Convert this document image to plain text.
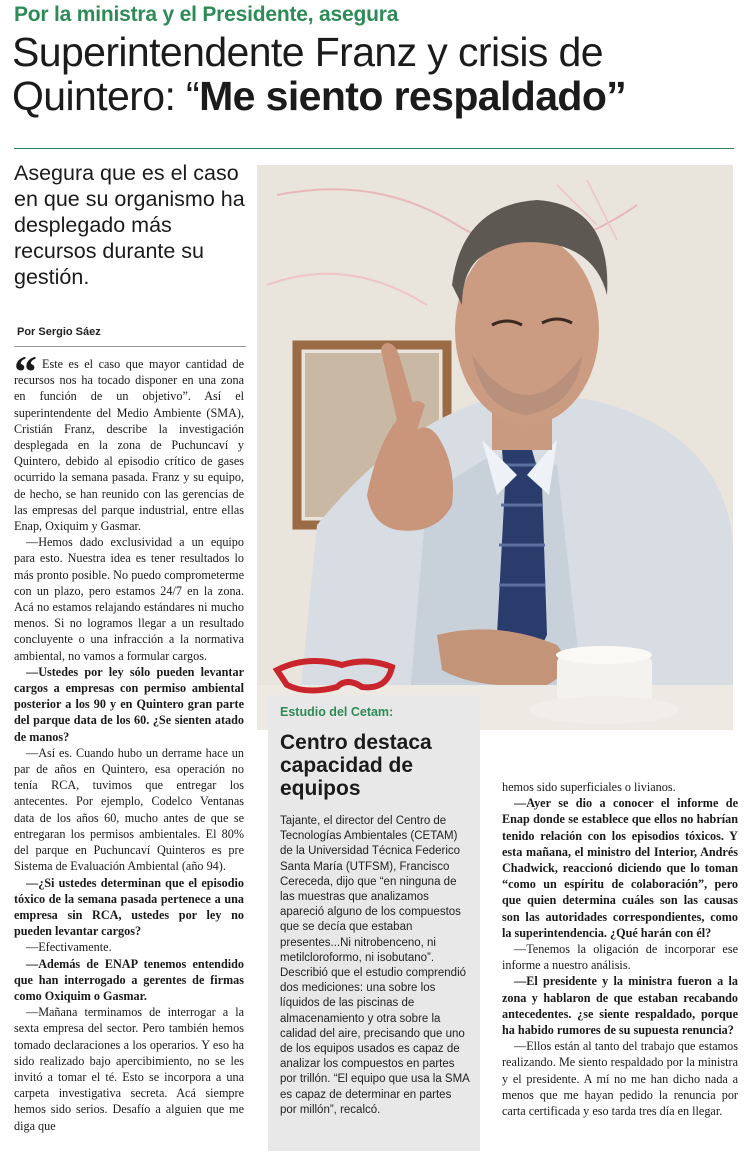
Por la ministra y el Presidente, asegura
Superintendente Franz y crisis de Quintero: “Me siento respaldado”
Asegura que es el caso en que su organismo ha desplegado más recursos durante su gestión.
Por Sergio Sáez
“ Este es el caso que mayor cantidad de recursos nos ha tocado disponer en una zona en función de un objetivo”. Así el superintendente del Medio Ambiente (SMA), Cristián Franz, describe la investigación desplegada en la zona de Puchuncaví y Quintero, debido al episodio crítico de gases ocurrido la semana pasada. Franz y su equipo, de hecho, se han reunido con las gerencias de las empresas del parque industrial, entre ellas Enap, Oxiquim y Gasmar.

—Hemos dado exclusividad a un equipo para esto. Nuestra idea es tener resultados lo más pronto posible. No puedo comprometerme con un plazo, pero estamos 24/7 en la zona. Acá no estamos relajando estándares ni mucho menos. Si no logramos llegar a un resultado concluyente o una infracción a la normativa ambiental, no vamos a formular cargos.

—Ustedes por ley sólo pueden levantar cargos a empresas con permiso ambiental posterior a los 90 y en Quintero gran parte del parque data de los 60. ¿Se sienten atado de manos?

—Así es. Cuando hubo un derrame hace un par de años en Quintero, esa operación no tenía RCA, tuvimos que entregar los antecentes. Por ejemplo, Codelco Ventanas data de los años 60, mucho antes de que se entregaran los permisos ambientales. El 80% del parque en Puchuncaví Quinteros es pre Sistema de Evaluación Ambiental (año 94).

—¿Si ustedes determinan que el episodio tóxico de la semana pasada pertenece a una empresa sin RCA, ustedes por ley no pueden levantar cargos?

—Efectivamente.

—Además de ENAP tenemos entendido que han interrogado a gerentes de firmas como Oxiquim o Gasmar.

—Mañana terminamos de interrogar a la sexta empresa del sector. Pero también hemos tomado declaraciones a los operarios. Y eso ha sido realizado bajo apercibimiento, no se les invitó a tomar el té. Esto se incorpora a una carpeta investigativa secreta. Acá siempre hemos sido serios. Desafío a alguien que me diga que

Estudio del Cetam:
Centro destaca capacidad de equipos
Tajante, el director del Centro de Tecnologías Ambientales (CETAM) de la Universidad Técnica Federico Santa María (UTFSM), Francisco Cereceda, dijo que “en ninguna de las muestras que analizamos apareció alguno de los compuestos que se decía que estaban presentes...Ni nitrobenceno, ni metilcloroformo, ni isobutano”. Describió que el estudio comprendió dos mediciones: una sobre los líquidos de las piscinas de almacenamiento y otra sobre la calidad del aire, precisando que uno de los equipos usados es capaz de analizar los compuestos en partes por trillón. “El equipo que usa la SMA es capaz de determinar en partes por millón”, recalcó.

hemos sido superficiales o livianos.

—Ayer se dio a conocer el informe de Enap donde se establece que ellos no habrían tenido relación con los episodios tóxicos. Y esta mañana, el ministro del Interior, Andrés Chadwick, reaccionó diciendo que lo toman “como un espíritu de colaboración”, pero que quien determina cuáles son las causas son las autoridades correspondientes, como la superintendencia. ¿Qué harán con él?

—Tenemos la oligación de incorporar ese informe a nuestro análisis.

—El presidente y la ministra fueron a la zona y hablaron de que estaban recabando antecedentes. ¿se siente respaldado, porque ha habido rumores de su supuesta renuncia?

—Ellos están al tanto del trabajo que estamos realizando. Me siento respaldado por la ministra y el presidente. A mí no me han dicho nada a menos que me hayan pedido la renuncia por carta certificada y eso tarda tres día en llegar.
